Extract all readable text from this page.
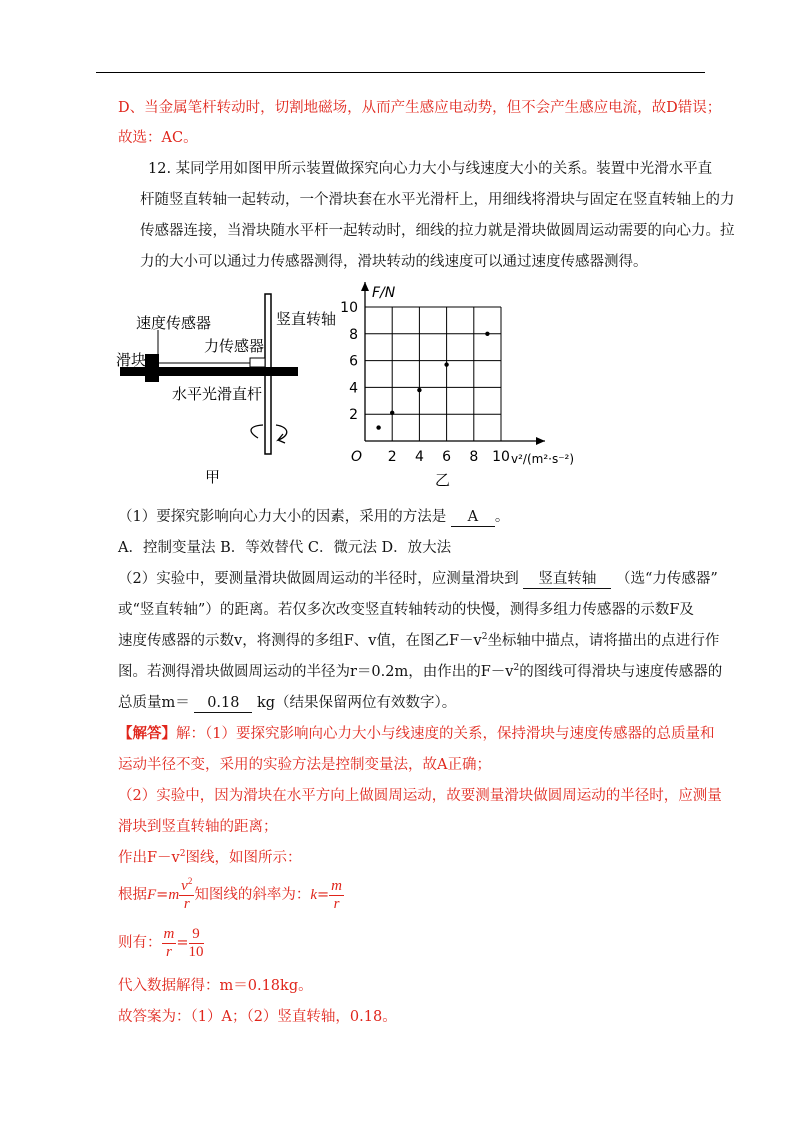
D、当金属笔杆转动时，切割地磁场，从而产生感应电动势，但不会产生感应电流，故D错误；
故选：AC。
12. 某同学用如图甲所示装置做探究向心力大小与线速度大小的关系。装置中光滑水平直
杆随竖直转轴一起转动，一个滑块套在水平光滑杆上，用细线将滑块与固定在竖直转轴上的力
传感器连接，当滑块随水平杆一起转动时，细线的拉力就是滑块做圆周运动需要的向心力。拉
力的大小可以通过力传感器测得，滑块转动的线速度可以通过速度传感器测得。
速度传感器	竖直转轴
滑块
力传感器
水平光滑直杆
甲
2 4 6 8 10
2
4
6
8
10
O
F/N
v²/(m²·s⁻²)
乙
（1）要探究影响向心力大小的因素，采用的方法是 A 。
A．控制变量法 B．等效替代 C．微元法 D．放大法
（2）实验中，要测量滑块做圆周运动的半径时，应测量滑块到 竖直转轴 （选“力传感器”
或“竖直转轴”）的距离。若仅多次改变竖直转轴转动的快慢，测得多组力传感器的示数F及
速度传感器的示数v，将测得的多组F、v值，在图乙$F-v^2$坐标轴中描点，请将描出的点进行作
图。若测得滑块做圆周运动的半径为r＝0.2m，由作出的$F-v^2$的图线可得滑块与速度传感器的
总质量m＝ 0.18 kg（结果保留两位有效数字）。
【解答】解：（1）要探究影响向心力大小与线速度的关系，保持滑块与速度传感器的总质量和
运动半径不变，采用的实验方法是控制变量法，故A正确；
（2）实验中，因为滑块在水平方向上做圆周运动，故要测量滑块做圆周运动的半径时，应测量
滑块到竖直转轴的距离；
作出$F-v^2$图线，如图所示：
根据$F=m \frac{v^2}{r}$ 知图线的斜率为：$k= \frac{m}{r}$
则有： $\frac{m}{r} = \frac{9}{10}$
代入数据解得：m＝0.18kg。
故答案为：（1）A；（2）竖直转轴，0.18。
